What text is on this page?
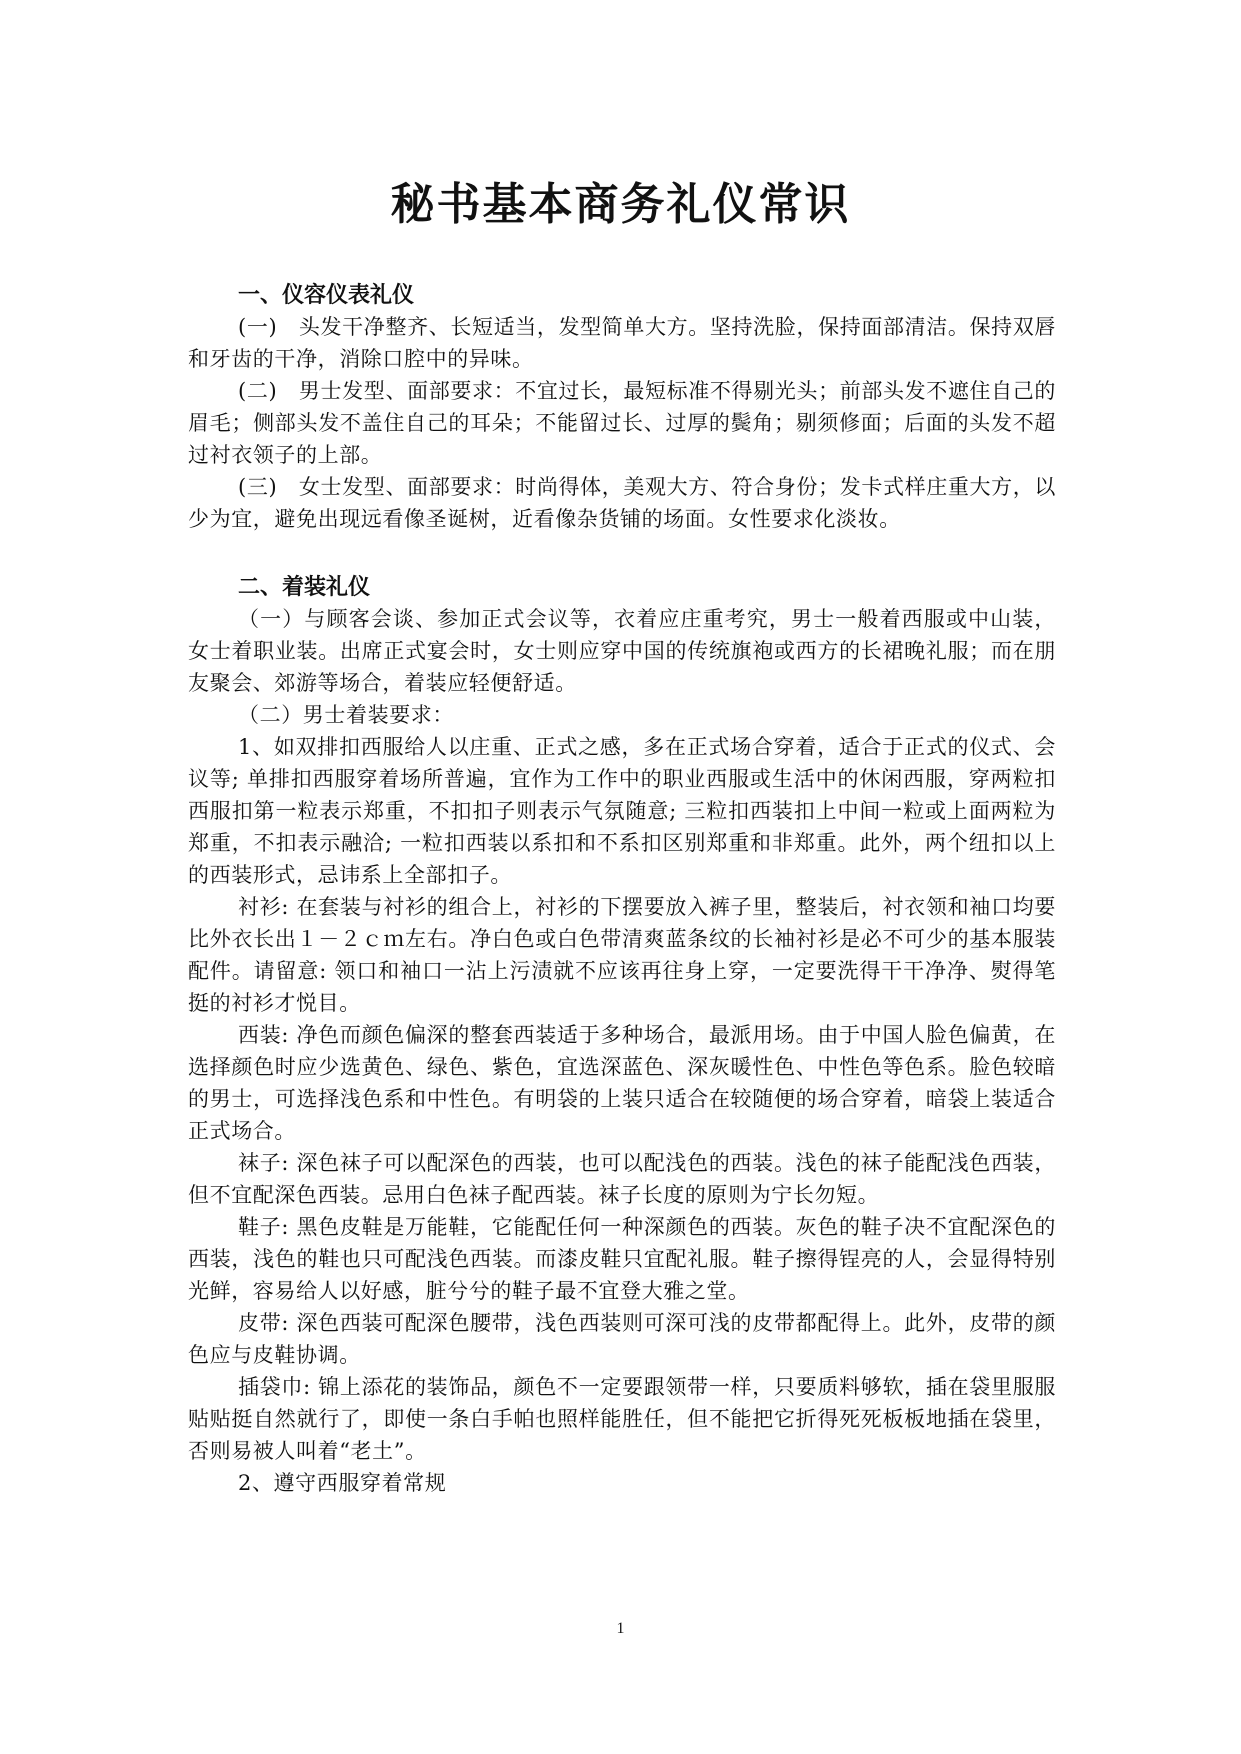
秘书基本商务礼仪常识
一、仪容仪表礼仪

(一)　头发干净整齐、长短适当，发型简单大方。坚持洗脸，保持面部清洁。保持双唇和牙齿的干净，消除口腔中的异味。

(二)　男士发型、面部要求：不宜过长，最短标准不得剔光头；前部头发不遮住自己的眉毛；侧部头发不盖住自己的耳朵；不能留过长、过厚的鬓角；剔须修面；后面的头发不超过衬衣领子的上部。

(三)　女士发型、面部要求：时尚得体，美观大方、符合身份；发卡式样庄重大方，以少为宜，避免出现远看像圣诞树，近看像杂货铺的场面。女性要求化淡妆。

二、着装礼仪

（一）与顾客会谈、参加正式会议等，衣着应庄重考究，男士一般着西服或中山装，女士着职业装。出席正式宴会时，女士则应穿中国的传统旗袍或西方的长裙晚礼服；而在朋友聚会、郊游等场合，着装应轻便舒适。

（二）男士着装要求：

1、如双排扣西服给人以庄重、正式之感，多在正式场合穿着，适合于正式的仪式、会议等; 单排扣西服穿着场所普遍，宜作为工作中的职业西服或生活中的休闲西服，穿两粒扣西服扣第一粒表示郑重，不扣扣子则表示气氛随意; 三粒扣西装扣上中间一粒或上面两粒为郑重，不扣表示融洽; 一粒扣西装以系扣和不系扣区别郑重和非郑重。此外，两个纽扣以上的西装形式，忌讳系上全部扣子。

衬衫: 在套装与衬衫的组合上，衬衫的下摆要放入裤子里，整装后，衬衣领和袖口均要比外衣长出１－２ｃｍ左右。净白色或白色带清爽蓝条纹的长袖衬衫是必不可少的基本服装配件。请留意: 领口和袖口一沾上污渍就不应该再往身上穿，一定要洗得干干净净、熨得笔挺的衬衫才悦目。

西装: 净色而颜色偏深的整套西装适于多种场合，最派用场。由于中国人脸色偏黄，在选择颜色时应少选黄色、绿色、紫色，宜选深蓝色、深灰暖性色、中性色等色系。脸色较暗的男士，可选择浅色系和中性色。有明袋的上装只适合在较随便的场合穿着，暗袋上装适合正式场合。

袜子: 深色袜子可以配深色的西装，也可以配浅色的西装。浅色的袜子能配浅色西装，但不宜配深色西装。忌用白色袜子配西装。袜子长度的原则为宁长勿短。

鞋子: 黑色皮鞋是万能鞋，它能配任何一种深颜色的西装。灰色的鞋子决不宜配深色的西装，浅色的鞋也只可配浅色西装。而漆皮鞋只宜配礼服。鞋子擦得锃亮的人，会显得特别光鲜，容易给人以好感，脏兮兮的鞋子最不宜登大雅之堂。

皮带: 深色西装可配深色腰带，浅色西装则可深可浅的皮带都配得上。此外，皮带的颜色应与皮鞋协调。

插袋巾: 锦上添花的装饰品，颜色不一定要跟领带一样，只要质料够软，插在袋里服服贴贴挺自然就行了，即使一条白手帕也照样能胜任，但不能把它折得死死板板地插在袋里，否则易被人叫着“老土”。

2、遵守西服穿着常规

1
